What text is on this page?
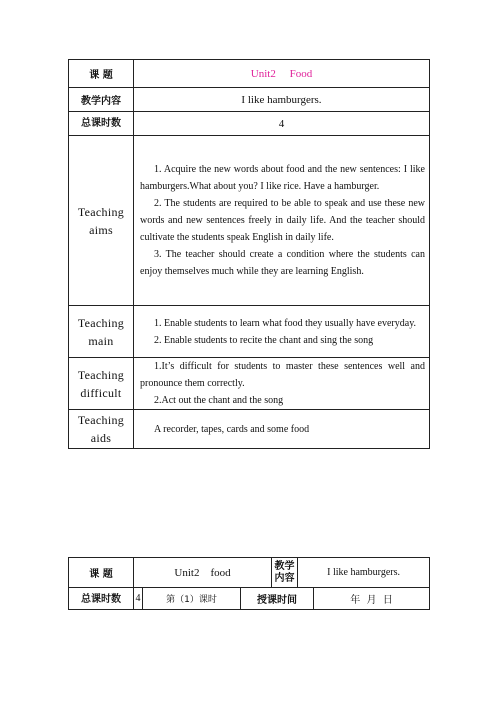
课 题	Unit2     Food
教学内容	I like hamburgers.
总课时数	4
Teaching aims	1. Acquire the new words about food and the new sentences: I like hamburgers.What about you? I like rice. Have a hamburger.

2. The students are required to be able to speak and use these new words and new sentences freely in daily life. And the teacher should cultivate the students speak English in daily life.

3. The teacher should create a condition where the students can enjoy themselves much while they are learning English.

Teaching main	1. Enable students to learn what food they usually have everyday.

2. Enable students to recite the chant and sing the song

Teaching difficult	1.It’s difficult for students to master these sentences well and pronounce them correctly.

2.Act out the chant and the song

Teaching aids	A recorder, tapes, cards and some food

课 题	Unit2    food			教学内容	I like hamburgers.	
总课时数	4	第（1）课时	授课时间			年  月  日
